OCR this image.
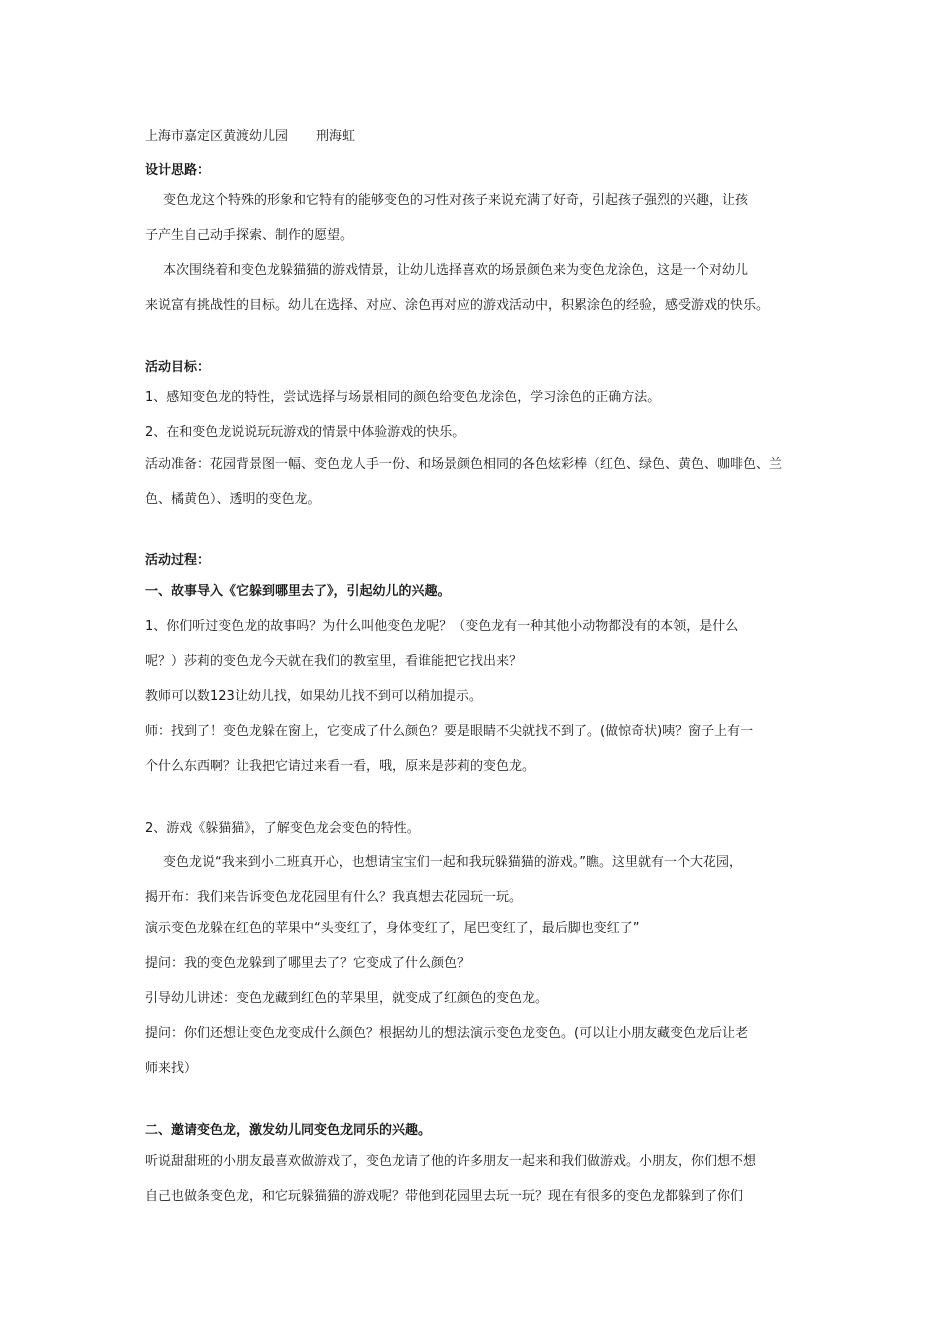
上海市嘉定区黄渡幼儿园 刑海虹
设计思路：
变色龙这个特殊的形象和它特有的能够变色的习性对孩子来说充满了好奇，引起孩子强烈的兴趣，让孩
子产生自己动手探索、制作的愿望。
本次围绕着和变色龙躲猫猫的游戏情景，让幼儿选择喜欢的场景颜色来为变色龙涂色，这是一个对幼儿
来说富有挑战性的目标。幼儿在选择、对应、涂色再对应的游戏活动中，积累涂色的经验，感受游戏的快乐。
活动目标：
1、感知变色龙的特性，尝试选择与场景相同的颜色给变色龙涂色，学习涂色的正确方法。
2、在和变色龙说说玩玩游戏的情景中体验游戏的快乐。
活动准备：花园背景图一幅、变色龙人手一份、和场景颜色相同的各色炫彩棒（红色、绿色、黄色、咖啡色、兰
色、橘黄色）、透明的变色龙。
活动过程：
一、故事导入《它躲到哪里去了》，引起幼儿的兴趣。
1、你们听过变色龙的故事吗？为什么叫他变色龙呢？（变色龙有一种其他小动物都没有的本领，是什么
呢？）莎莉的变色龙今天就在我们的教室里，看谁能把它找出来？
教师可以数123让幼儿找，如果幼儿找不到可以稍加提示。
师：找到了！变色龙躲在窗上，它变成了什么颜色？要是眼睛不尖就找不到了。(做惊奇状)咦？窗子上有一
个什么东西啊？让我把它请过来看一看，哦，原来是莎莉的变色龙。
2、游戏《躲猫猫》，了解变色龙会变色的特性。
变色龙说“我来到小二班真开心，也想请宝宝们一起和我玩躲猫猫的游戏。”瞧。这里就有一个大花园，
揭开布：我们来告诉变色龙花园里有什么？我真想去花园玩一玩。
演示变色龙躲在红色的苹果中“头变红了，身体变红了，尾巴变红了，最后脚也变红了”
提问：我的变色龙躲到了哪里去了？它变成了什么颜色？
引导幼儿讲述：变色龙藏到红色的苹果里，就变成了红颜色的变色龙。
提问：你们还想让变色龙变成什么颜色？根据幼儿的想法演示变色龙变色。(可以让小朋友藏变色龙后让老
师来找）
二、邀请变色龙，激发幼儿同变色龙同乐的兴趣。
听说甜甜班的小朋友最喜欢做游戏了，变色龙请了他的许多朋友一起来和我们做游戏。小朋友，你们想不想
自己也做条变色龙，和它玩躲猫猫的游戏呢？带他到花园里去玩一玩？现在有很多的变色龙都躲到了你们
